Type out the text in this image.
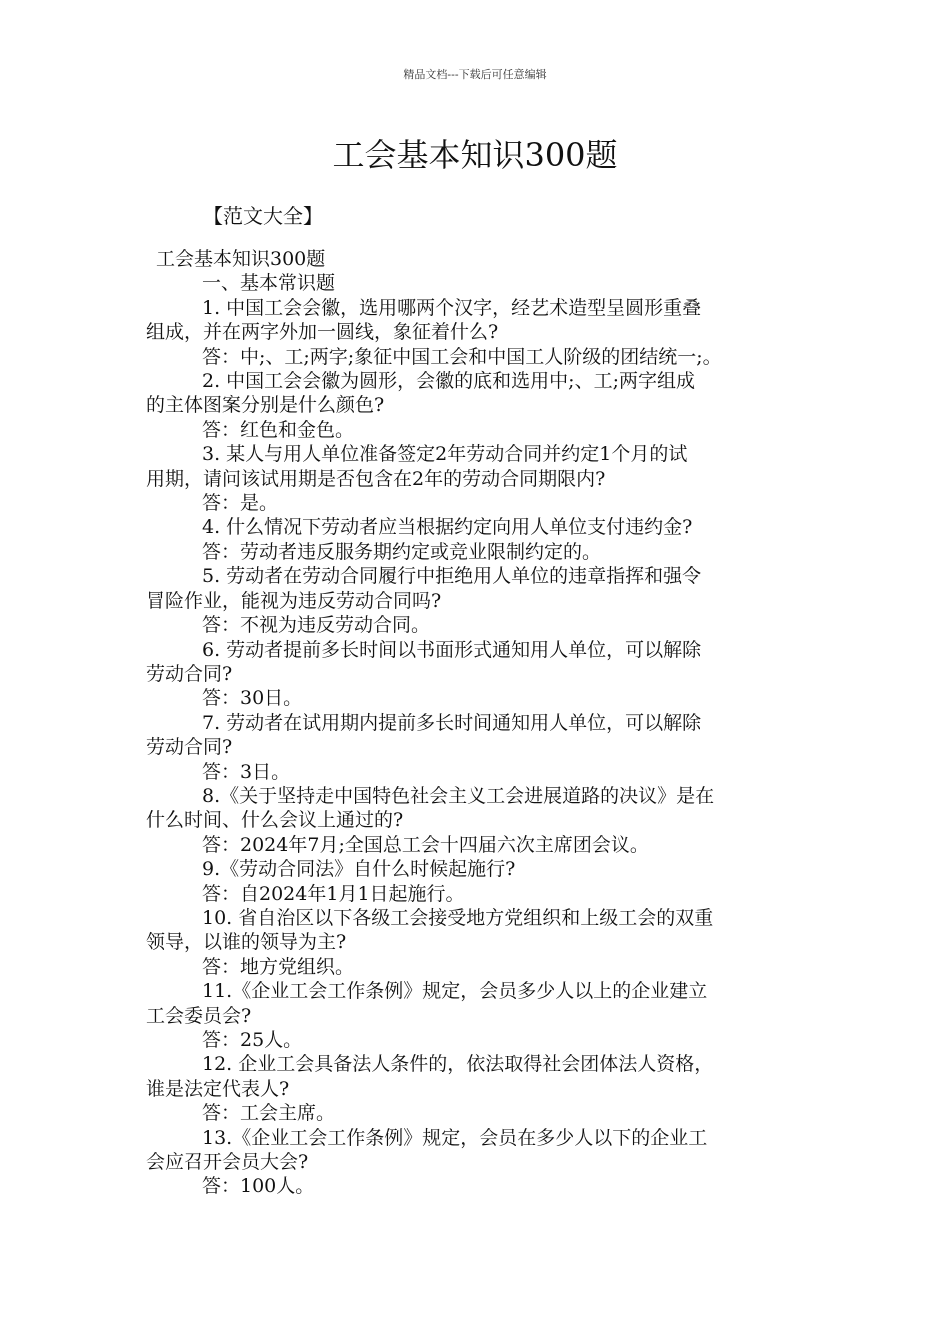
精品文档---下载后可任意编辑
工会基本知识300题
【范文大全】

工会基本知识300题

一、基本常识题

1. 中国工会会徽，选用哪两个汉字，经艺术造型呈圆形重叠

组成，并在两字外加一圆线，象征着什么?

答：中;、工;两字;象征中国工会和中国工人阶级的团结统一;。

2. 中国工会会徽为圆形，会徽的底和选用中;、工;两字组成

的主体图案分别是什么颜色?

答：红色和金色。

3. 某人与用人单位准备签定2年劳动合同并约定1个月的试

用期，请问该试用期是否包含在2年的劳动合同期限内?

答：是。

4. 什么情况下劳动者应当根据约定向用人单位支付违约金?

答：劳动者违反服务期约定或竞业限制约定的。

5. 劳动者在劳动合同履行中拒绝用人单位的违章指挥和强令

冒险作业，能视为违反劳动合同吗?

答：不视为违反劳动合同。

6. 劳动者提前多长时间以书面形式通知用人单位，可以解除

劳动合同?

答：30日。

7. 劳动者在试用期内提前多长时间通知用人单位，可以解除

劳动合同?

答：3日。

8.《关于坚持走中国特色社会主义工会进展道路的决议》是在

什么时间、什么会议上通过的?

答：2024年7月;全国总工会十四届六次主席团会议。

9.《劳动合同法》自什么时候起施行?

答：自2024年1月1日起施行。

10. 省自治区以下各级工会接受地方党组织和上级工会的双重

领导，以谁的领导为主?

答：地方党组织。

11.《企业工会工作条例》规定，会员多少人以上的企业建立

工会委员会?

答：25人。

12. 企业工会具备法人条件的，依法取得社会团体法人资格，

谁是法定代表人?

答：工会主席。

13.《企业工会工作条例》规定，会员在多少人以下的企业工

会应召开会员大会?

答：100人。
